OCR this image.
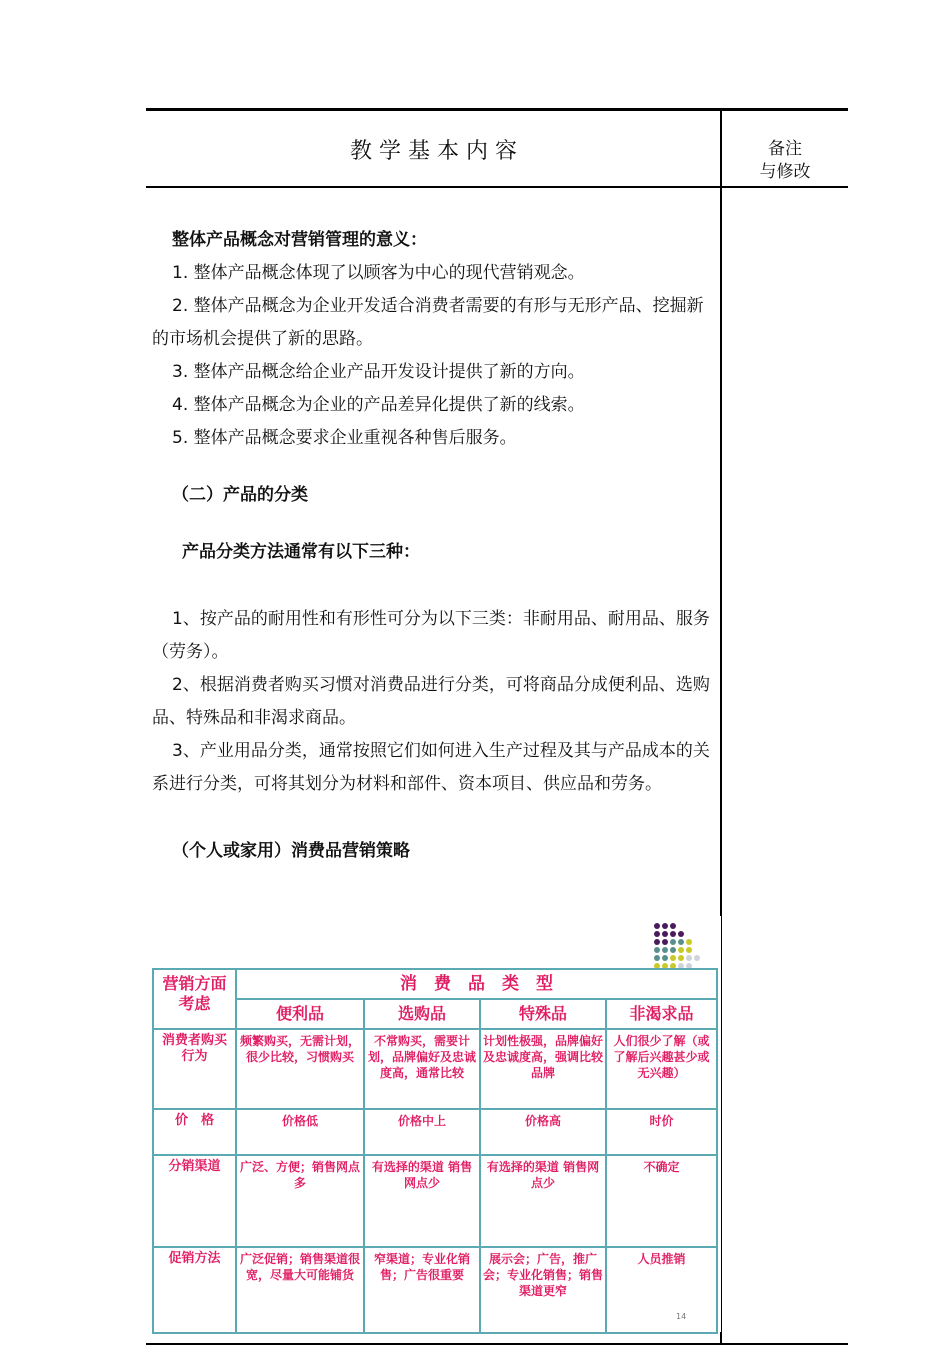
教 学 基 本 内 容	备注
与修改

整体产品概念对营销管理的意义：

1. 整体产品概念体现了以顾客为中心的现代营销观念。

2. 整体产品概念为企业开发适合消费者需要的有形与无形产品、挖掘新的市场机会提供了新的思路。

3. 整体产品概念给企业产品开发设计提供了新的方向。

4. 整体产品概念为企业的产品差异化提供了新的线索。

5. 整体产品概念要求企业重视各种售后服务。

（二）产品的分类

产品分类方法通常有以下三种：

1、按产品的耐用性和有形性可分为以下三类：非耐用品、耐用品、服务（劳务）。

2、根据消费者购买习惯对消费品进行分类，可将商品分成便利品、选购品、特殊品和非渴求商品。

3、产业用品分类，通常按照它们如何进入生产过程及其与产品成本的关系进行分类，可将其划分为材料和部件、资本项目、供应品和劳务。

（个人或家用）消费品营销策略

营销方面考虑	消　费　品　类　型			
	便利品	选购品	特殊品	非渴求品
消费者购买行为	频繁购买，无需计划，很少比较，习惯购买	不常购买，需要计划，品牌偏好及忠诚度高，通常比较	计划性极强，品牌偏好及忠诚度高，强调比较品牌	人们很少了解（或了解后兴趣甚少或无兴趣）
价　格	价格低	价格中上	价格高	时价
分销渠道	广泛、方便；销售网点多	有选择的渠道 销售网点少	有选择的渠道 销售网点少	不确定
促销方法	广泛促销；销售渠道很宽，尽量大可能铺货	窄渠道；专业化销售；广告很重要	展示会；广告，推广会；专业化销售；销售渠道更窄	人员推销
14
